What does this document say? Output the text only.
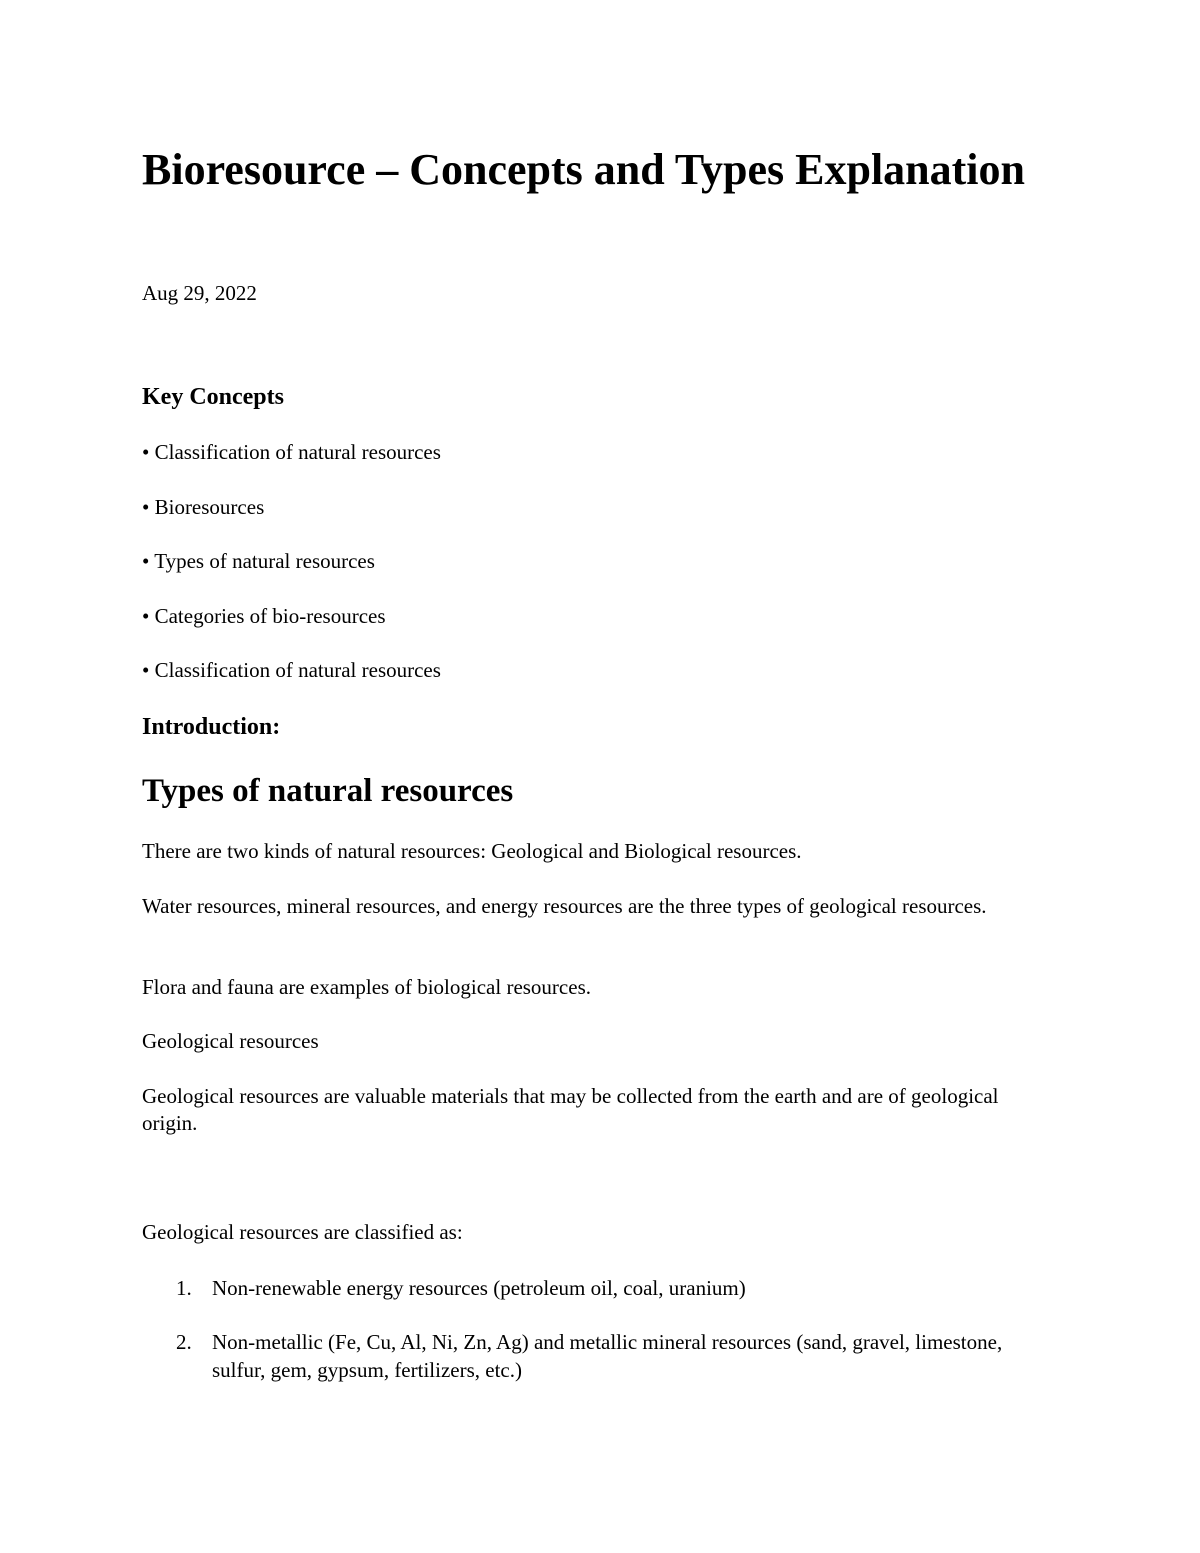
Bioresource – Concepts and Types Explanation
Aug 29, 2022
Key Concepts
• Classification of natural resources
• Bioresources
• Types of natural resources
• Categories of bio-resources
• Classification of natural resources
Introduction:
Types of natural resources

There are two kinds of natural resources: Geological and Biological resources.

Water resources, mineral resources, and energy resources are the three types of geological resources.

Flora and fauna are examples of biological resources.

Geological resources

Geological resources are valuable materials that may be collected from the earth and are of geological origin.

Geological resources are classified as:

1. Non-renewable energy resources (petroleum oil, coal, uranium)
2. Non-metallic (Fe, Cu, Al, Ni, Zn, Ag) and metallic mineral resources (sand, gravel, limestone, sulfur, gem, gypsum, fertilizers, etc.)
